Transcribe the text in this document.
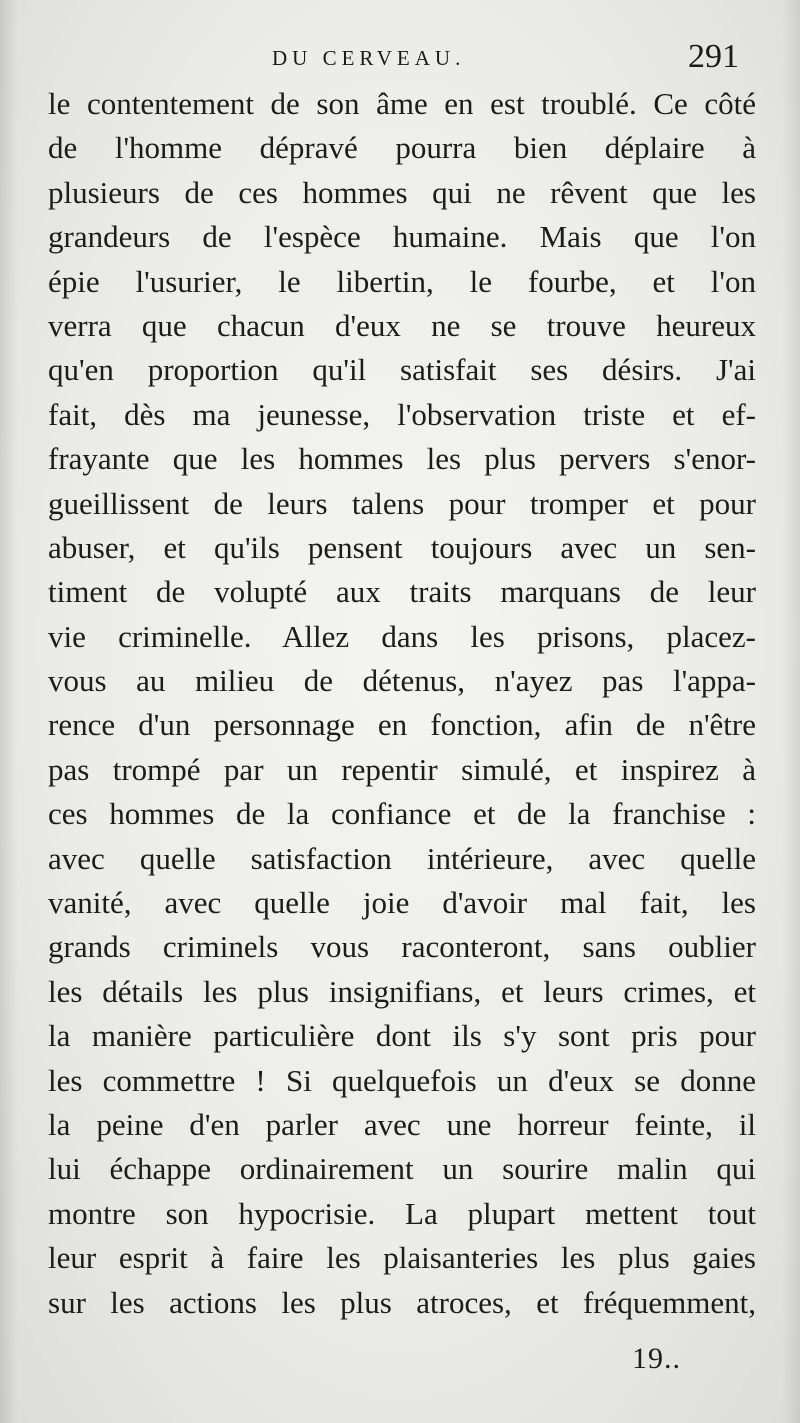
DU CERVEAU.	291
le contentement de son âme en est troublé. Ce côté
de l'homme dépravé pourra bien déplaire à
plusieurs de ces hommes qui ne rêvent que les
grandeurs de l'espèce humaine. Mais que l'on
épie l'usurier, le libertin, le fourbe, et l'on
verra que chacun d'eux ne se trouve heureux
qu'en proportion qu'il satisfait ses désirs. J'ai
fait, dès ma jeunesse, l'observation triste et ef-
frayante que les hommes les plus pervers s'enor-
gueillissent de leurs talens pour tromper et pour
abuser, et qu'ils pensent toujours avec un sen-
timent de volupté aux traits marquans de leur
vie criminelle. Allez dans les prisons, placez-
vous au milieu de détenus, n'ayez pas l'appa-
rence d'un personnage en fonction, afin de n'être
pas trompé par un repentir simulé, et inspirez à
ces hommes de la confiance et de la franchise :
avec quelle satisfaction intérieure, avec quelle
vanité, avec quelle joie d'avoir mal fait, les
grands criminels vous raconteront, sans oublier
les détails les plus insignifians, et leurs crimes, et
la manière particulière dont ils s'y sont pris pour
les commettre ! Si quelquefois un d'eux se donne
la peine d'en parler avec une horreur feinte, il
lui échappe ordinairement un sourire malin qui
montre son hypocrisie. La plupart mettent tout
leur esprit à faire les plaisanteries les plus gaies
sur les actions les plus atroces, et fréquemment,
19..
